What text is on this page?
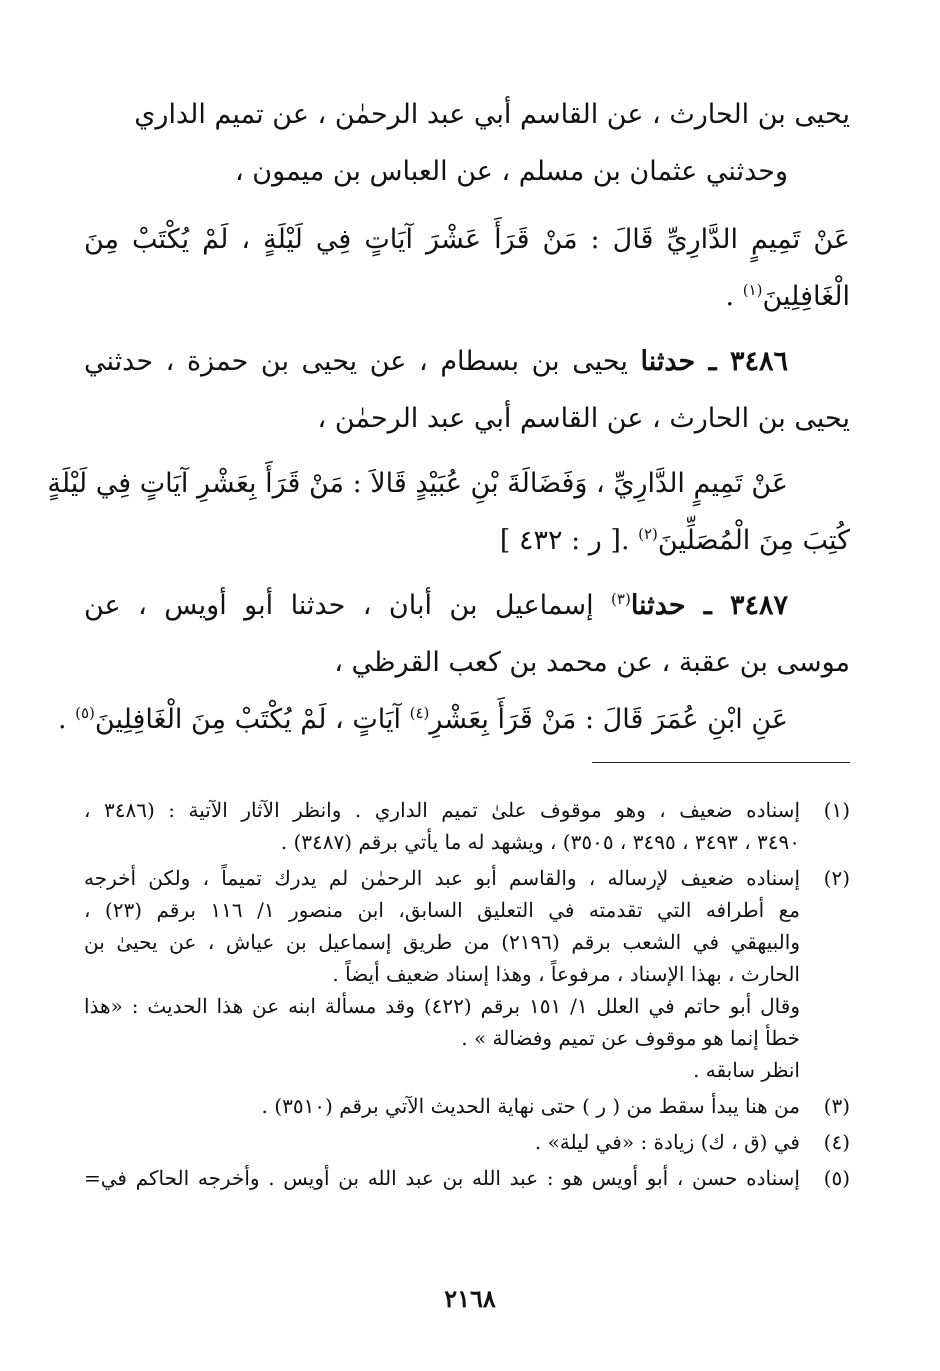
يحيى بن الحارث ، عن القاسم أبي عبد الرحمٰن ، عن تميم الداري
وحدثني عثمان بن مسلم ، عن العباس بن ميمون ،
عَنْ تَمِيمٍ الدَّارِيِّ قَالَ : مَنْ قَرَأَ عَشْرَ آيَاتٍ فِي لَيْلَةٍ ، لَمْ يُكْتَبْ مِنَ
الْغَافِلِينَ$^{(١)}$ .
٣٤٨٦ ـ حدثنا يحيى بن بسطام ، عن يحيى بن حمزة ، حدثني
يحيى بن الحارث ، عن القاسم أبي عبد الرحمٰن ،
عَنْ تَمِيمٍ الدَّارِيِّ ، وَفَضَالَةَ بْنِ عُبَيْدٍ قَالاَ : مَنْ قَرَأَ بِعَشْرِ آيَاتٍ فِي لَيْلَةٍ
كُتِبَ مِنَ الْمُصَلِّينَ$^{(٢)}$ .[ ر : ٤٣٢ ]
٣٤٨٧ ـ حدثنا$^{(٣)}$ إسماعيل بن أبان ، حدثنا أبو أويس ، عن
موسى بن عقبة ، عن محمد بن كعب القرظي ،
عَنِ ابْنِ عُمَرَ قَالَ : مَنْ قَرَأَ بِعَشْرِ$^{(٤)}$ آيَاتٍ ، لَمْ يُكْتَبْ مِنَ الْغَافِلِينَ$^{(٥)}$ .
(١)
إسناده ضعيف ، وهو موقوف علىٰ تميم الداري . وانظر الآثار الآتية : (٣٤٨٦ ،
٣٤٩٠ ، ٣٤٩٣ ، ٣٤٩٥ ، ٣٥٠٥) ، ويشهد له ما يأتي برقم (٣٤٨٧) .
(٢)
إسناده ضعيف لإرساله ، والقاسم أبو عبد الرحمٰن لم يدرك تميماً ، ولكن أخرجه
مع أطرافه التي تقدمته في التعليق السابق، ابن منصور ١/ ١١٦ برقم (٢٣) ،
والبيهقي في الشعب برقم (٢١٩٦) من طريق إسماعيل بن عياش ، عن يحيىٰ بن
الحارث ، بهذا الإسناد ، مرفوعاً ، وهذا إسناد ضعيف أيضاً .
وقال أبو حاتم في العلل ١/ ١٥١ برقم (٤٢٢) وقد مسألة ابنه عن هذا الحديث : «هذا
خطأ إنما هو موقوف عن تميم وفضالة » .
انظر سابقه .
(٣)
من هنا يبدأ سقط من ( ر ) حتى نهاية الحديث الآتي برقم (٣٥١٠) .
(٤)
في (ق ، ك) زيادة : «في ليلة» .
(٥)
إسناده حسن ، أبو أويس هو : عبد الله بن عبد الله بن أويس . وأخرجه الحاكم في=
٢١٦٨
